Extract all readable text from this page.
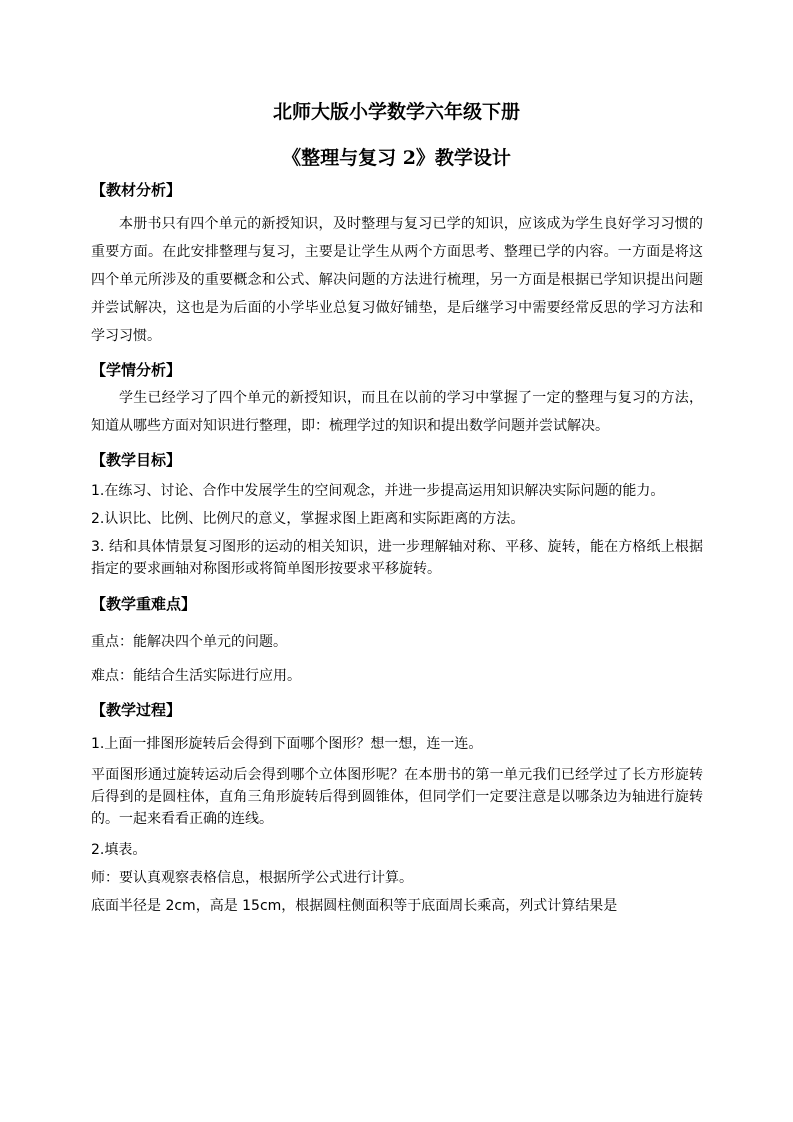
北师大版小学数学六年级下册
《整理与复习 2》教学设计

【教材分析】

本册书只有四个单元的新授知识，及时整理与复习已学的知识，应该成为学生良好学习习惯的重要方面。在此安排整理与复习，主要是让学生从两个方面思考、整理已学的内容。一方面是将这四个单元所涉及的重要概念和公式、解决问题的方法进行梳理，另一方面是根据已学知识提出问题并尝试解决，这也是为后面的小学毕业总复习做好铺垫，是后继学习中需要经常反思的学习方法和学习习惯。

【学情分析】

学生已经学习了四个单元的新授知识，而且在以前的学习中掌握了一定的整理与复习的方法，知道从哪些方面对知识进行整理，即：梳理学过的知识和提出数学问题并尝试解决。

【教学目标】

1.在练习、讨论、合作中发展学生的空间观念，并进一步提高运用知识解决实际问题的能力。

2.认识比、比例、比例尺的意义，掌握求图上距离和实际距离的方法。

3. 结和具体情景复习图形的运动的相关知识，进一步理解轴对称、平移、旋转，能在方格纸上根据指定的要求画轴对称图形或将简单图形按要求平移旋转。

【教学重难点】

重点：能解决四个单元的问题。

难点：能结合生活实际进行应用。

【教学过程】

1.上面一排图形旋转后会得到下面哪个图形？想一想，连一连。

平面图形通过旋转运动后会得到哪个立体图形呢？在本册书的第一单元我们已经学过了长方形旋转后得到的是圆柱体，直角三角形旋转后得到圆锥体，但同学们一定要注意是以哪条边为轴进行旋转的。一起来看看正确的连线。

2.填表。

师：要认真观察表格信息，根据所学公式进行计算。

底面半径是 2cm，高是 15cm，根据圆柱侧面积等于底面周长乘高，列式计算结果是
